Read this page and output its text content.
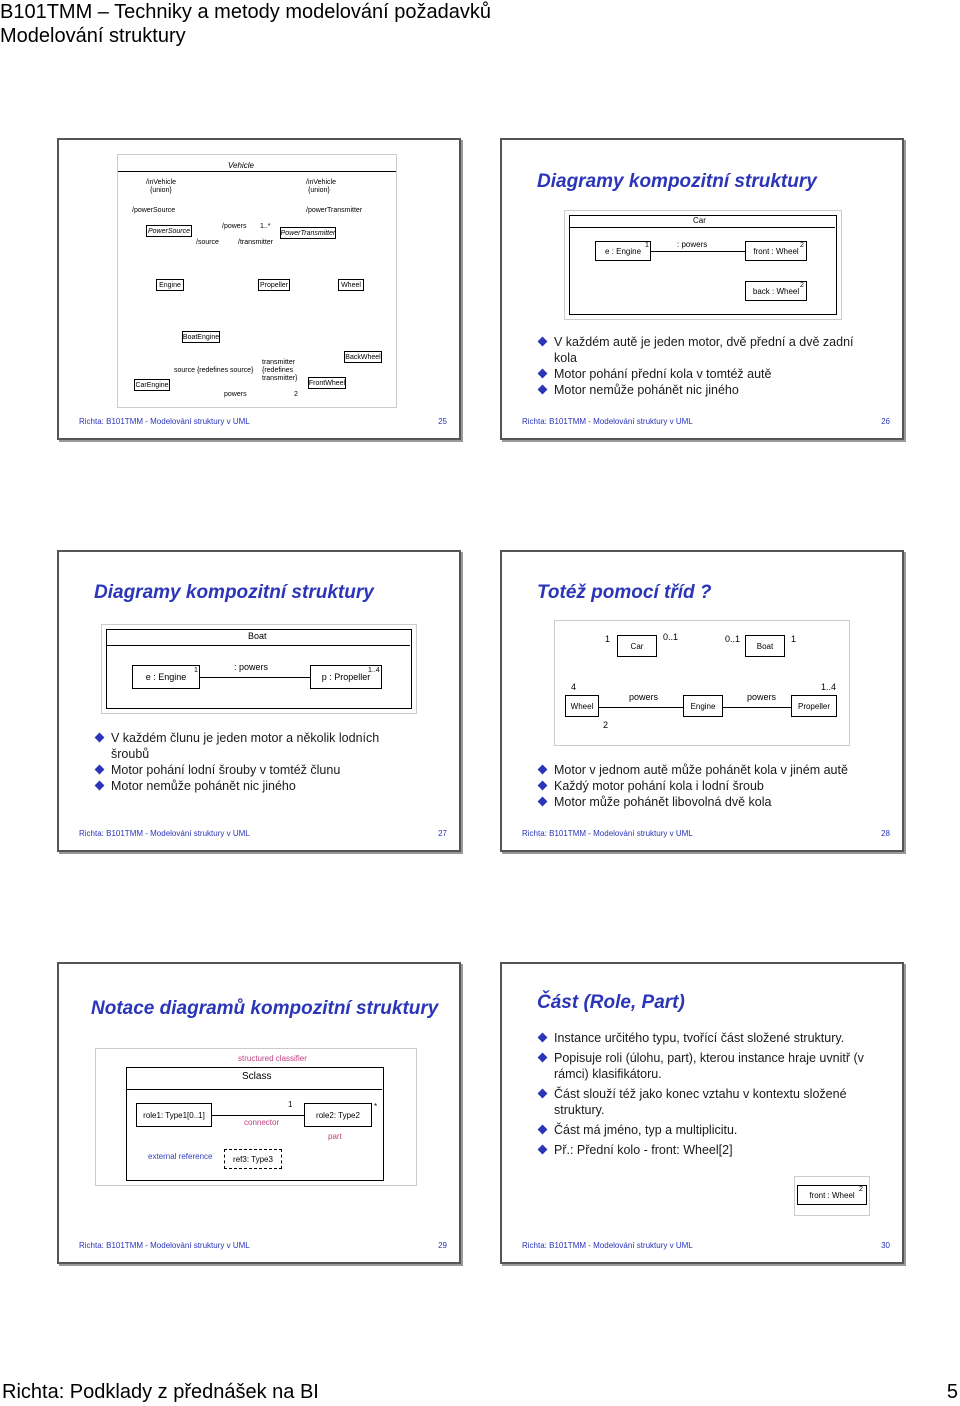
B101TMM – Techniky a metody modelování požadavků
Modelování struktury
Vehicle
/inVehicle
{union}
/inVehicle
{union}
/powerSource
PowerSource
/powers 1..*
/powerTransmitter
PowerTransmitter
/source	/transmitter
Engine	Propeller	Wheel
BoatEngine
CarEngine
BackWheel
FrontWheel
source {redefines source}
transmitter {redefines transmitter}
powers	2
Richta: B101TMM - Modelování struktury v UML	25
Diagramy kompozitní struktury
Car
e : Engine
1	: powers
front : Wheel
2
back : Wheel
2
V každém autě je jeden motor, dvě přední a dvě zadní kola
Motor pohání přední kola v tomtéž autě
Motor nemůže pohánět nic jiného
Richta: B101TMM - Modelování struktury v UML	26
Diagramy kompozitní struktury
Boat
e : Engine
1	: powers
p : Propeller
1..4
V každém člunu je jeden motor a několik lodních šroubů
Motor pohání lodní šrouby v tomtéž člunu
Motor nemůže pohánět nic jiného
Richta: B101TMM - Modelování struktury v UML	27
Totéž pomocí tříd ?
Car	Boat
Wheel	Engine	Propeller
powers	powers
1	0..1	0..1	1
4	1..4
2
Motor v jednom autě může pohánět kola v jiném autě
Každý motor pohání kola i lodní šroub
Motor může pohánět libovolná dvě kola
Richta: B101TMM - Modelování struktury v UML	28
Notace diagramů kompozitní struktury
structured classifier
Sclass
role1: Type1[0..1]
1
connector
role2: Type2
*
part
external reference	ref3: Type3
Richta: B101TMM - Modelování struktury v UML	29
Část (Role, Part)
Instance určitého typu, tvořící část složené struktury.
Popisuje roli (úlohu, part), kterou instance hraje uvnitř (v rámci) klasifikátoru.
Část slouží též jako konec vztahu v kontextu složené struktury.
Část má jméno, typ a multiplicitu.
Př.: Přední kolo - front: Wheel[2]
front : Wheel
2
Richta: B101TMM - Modelování struktury v UML	30
Richta: Podklady z přednášek na BI	5
